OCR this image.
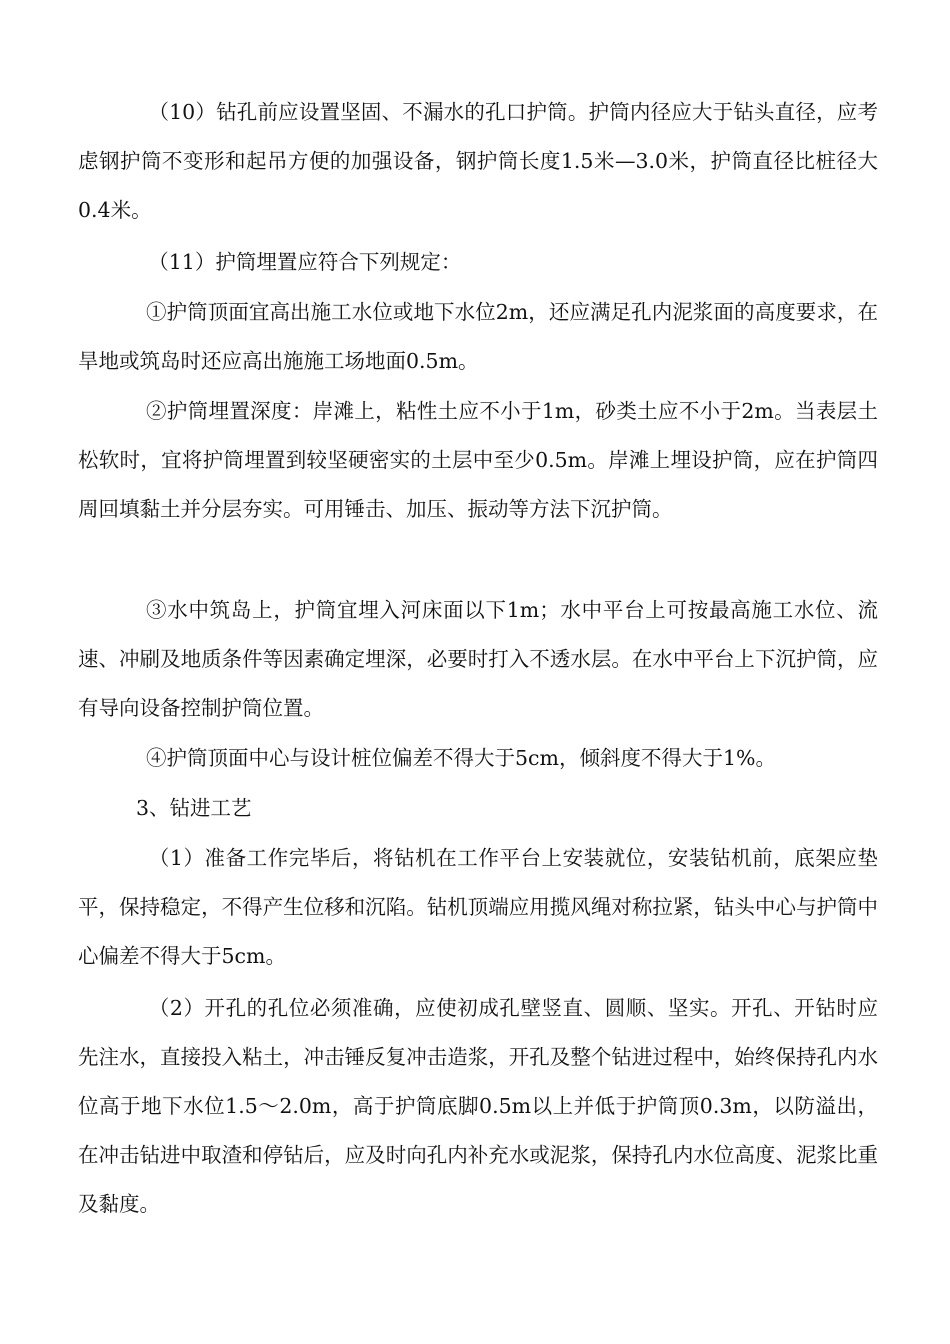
　（10）钻孔前应设置坚固、不漏水的孔口护筒。护筒内径应大于钻头直径，应考虑钢护筒不变形和起吊方便的加强设备，钢护筒长度1.5米—3.0米，护筒直径比桩径大0.4米。

　（11）护筒埋置应符合下列规定：

①护筒顶面宜高出施工水位或地下水位2m，还应满足孔内泥浆面的高度要求，在旱地或筑岛时还应高出施施工场地面0.5m。

②护筒埋置深度：岸滩上，粘性土应不小于1m，砂类土应不小于2m。当表层土松软时，宜将护筒埋置到较坚硬密实的土层中至少0.5m。岸滩上埋设护筒，应在护筒四周回填黏土并分层夯实。可用锤击、加压、振动等方法下沉护筒。

③水中筑岛上，护筒宜埋入河床面以下1m；水中平台上可按最高施工水位、流速、冲刷及地质条件等因素确定埋深，必要时打入不透水层。在水中平台上下沉护筒，应有导向设备控制护筒位置。

④护筒顶面中心与设计桩位偏差不得大于5cm，倾斜度不得大于1%。

3、钻进工艺

　（1）准备工作完毕后，将钻机在工作平台上安装就位，安装钻机前，底架应垫平，保持稳定，不得产生位移和沉陷。钻机顶端应用揽风绳对称拉紧，钻头中心与护筒中心偏差不得大于5cm。

　（2）开孔的孔位必须准确，应使初成孔壁竖直、圆顺、坚实。开孔、开钻时应先注水，直接投入粘土，冲击锤反复冲击造浆，开孔及整个钻进过程中，始终保持孔内水位高于地下水位1.5～2.0m，高于护筒底脚0.5m以上并低于护筒顶0.3m，以防溢出，在冲击钻进中取渣和停钻后，应及时向孔内补充水或泥浆，保持孔内水位高度、泥浆比重及黏度。
